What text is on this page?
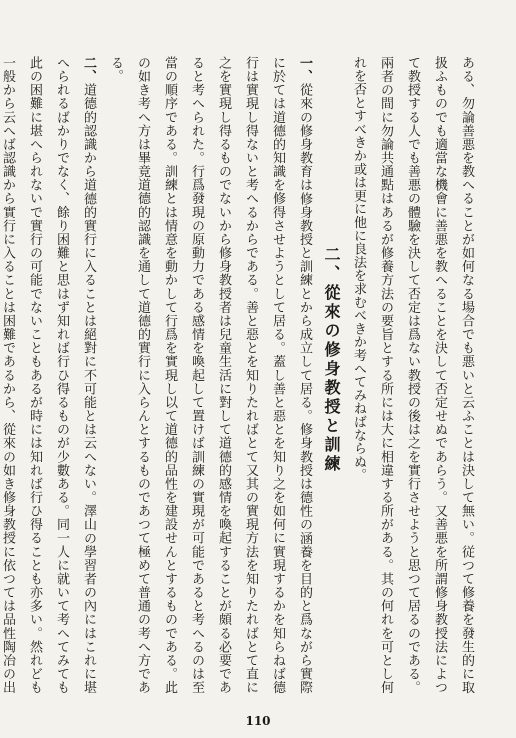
ある、勿論善悪を教へることが如何なる場合でも悪いと云ふことは決して無い。従つて修養を發生的に取扱ふものでも適當な機會に善悪を教へることを決して否定せぬであらう。又善悪を所謂修身教授法によつて教授する人でも善悪の體驗を決して否定は爲ない教授の後は之を實行させようと思つて居るのである。兩者の間に勿論共通點はあるが修養方法の要旨とする所には大に相違する所がある。其の何れを可とし何れを否とすべきか或は更に他に良法を求むべきか考へてみねばならぬ。

二、從來の修身教授と訓練

一、從來の修身教育は修身教授と訓練とから成立して居る。修身教授は德性の涵養を目的と爲ながら實際に於ては道德的知識を修得させようとして居る。蓋し善と惡とを知り之を如何に實現するかを知らねば德行は實現し得ないと考へるからである。善と惡とを知りたればとて又其の實現方法を知りたればとて直に之を實現し得るものでないから修身教授者は兒童生活に對して道德的感情を喚起することが頗る必要であると考へられた。行爲發現の原動力である感情を喚起して置けば訓練の實現が可能であると考へるのは至當の順序である。訓練とは情意を動かして行爲を實現し以て道德的品性を建設せんとするものである。此の如き考へ方は畢竟道德的認識を通して道德的實行に入らんとするものであつて極めて普通の考へ方である。

二、道德的認識から道德的實行に入ることは絕對に不可能とは云へない。澤山の學習者の內にはこれに堪へられるばかりでなく、餘り困難と思はず知れば行ひ得るものが少數ある。同一人に就いて考へてみても此の困難に堪へられないで實行の可能でないこともあるが時には知れば行ひ得ることも亦多い。然れども一般から云へば認識から實行に入ることは困難であるから、從來の如き修身教授に依つては品性陶冶の出

110
